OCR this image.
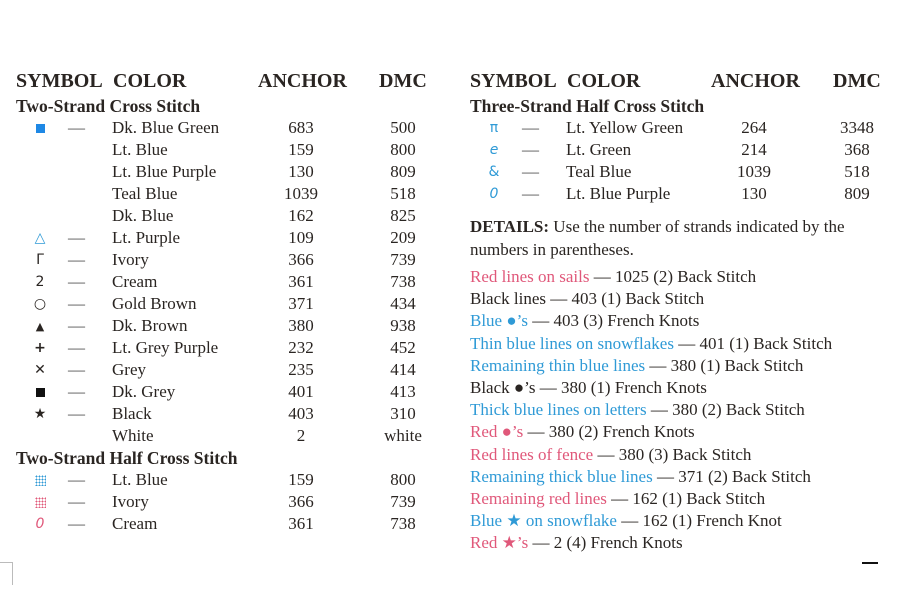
SYMBOL COLOR	ANCHOR DMC
Two-Strand Cross Stitch
— Dk. Blue Green	683	500
Lt. Blue	159	800
Lt. Blue Purple	130	809
Teal Blue	1039	518
Dk. Blue	162	825
△ — Lt. Purple	109	209
Γ	— Ivory	366	739
2	— Cream	361	738
○ — Gold Brown	371	434
▲	— Dk. Brown	380	938
+ — Lt. Grey Purple	232	452
✕ — Grey	235	414
— Dk. Grey	401	413
★ — Black	403	310
White	2	white
Two-Strand Half Cross Stitch
— Lt. Blue	159	800
— Ivory	366	739
0	— Cream	361	738
SYMBOL COLOR	ANCHOR DMC
Three-Strand Half Cross Stitch
π	— Lt. Yellow Green	264	3348
e	— Lt. Green	214	368
& — Teal Blue	1039	518
0	— Lt. Blue Purple	130	809
DETAILS: Use the number of strands indicated by the numbers in parentheses.
Red lines on sails — 1025 (2) Back Stitch
Black lines — 403 (1) Back Stitch
Blue ●’s — 403 (3) French Knots
Thin blue lines on snowflakes — 401 (1) Back Stitch
Remaining thin blue lines — 380 (1) Back Stitch
Black ●’s — 380 (1) French Knots
Thick blue lines on letters — 380 (2) Back Stitch
Red ●’s — 380 (2) French Knots
Red lines of fence — 380 (3) Back Stitch
Remaining thick blue lines — 371 (2) Back Stitch
Remaining red lines — 162 (1) Back Stitch
Blue ★ on snowflake — 162 (1) French Knot
Red ★’s — 2 (4) French Knots
